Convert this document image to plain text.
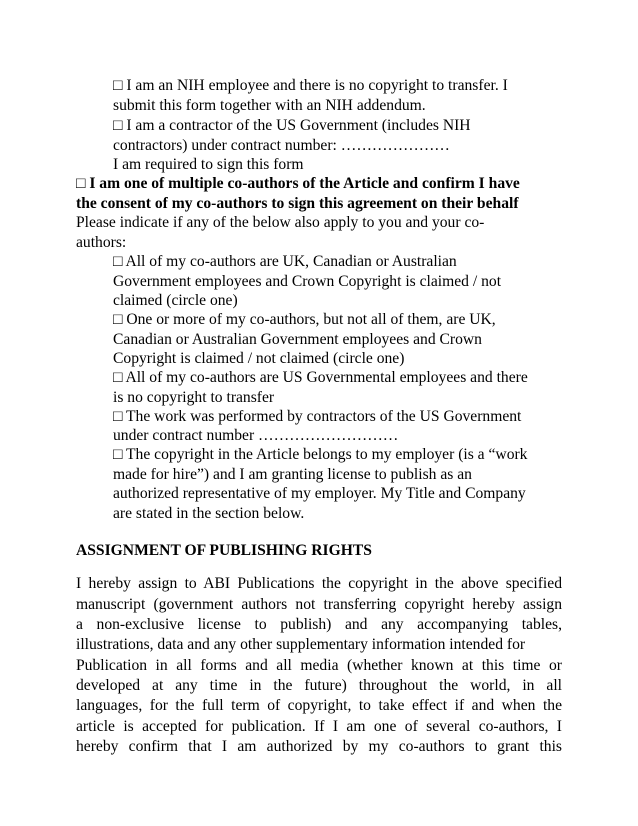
□ I am an NIH employee and there is no copyright to transfer. I
submit this form together with an NIH addendum.
□ I am a contractor of the US Government (includes NIH
contractors) under contract number: …………………
I am required to sign this form
□ I am one of multiple co-authors of the Article and confirm I have
the consent of my co-authors to sign this agreement on their behalf
Please indicate if any of the below also apply to you and your co-
authors:
□ All of my co-authors are UK, Canadian or Australian
Government employees and Crown Copyright is claimed / not
claimed (circle one)
□ One or more of my co-authors, but not all of them, are UK,
Canadian or Australian Government employees and Crown
Copyright is claimed / not claimed (circle one)
□ All of my co-authors are US Governmental employees and there
is no copyright to transfer
□ The work was performed by contractors of the US Government
under contract number ………………………
□ The copyright in the Article belongs to my employer (is a “work
made for hire”) and I am granting license to publish as an
authorized representative of my employer. My Title and Company
are stated in the section below.
ASSIGNMENT OF PUBLISHING RIGHTS
I hereby assign to ABI Publications the copyright in the above specified
manuscript (government authors not transferring copyright hereby assign
a non-exclusive license to publish) and any accompanying tables,
illustrations, data and any other supplementary information intended for
Publication in all forms and all media (whether known at this time or
developed at any time in the future) throughout the world, in all
languages, for the full term of copyright, to take effect if and when the
article is accepted for publication. If I am one of several co-authors, I
hereby confirm that I am authorized by my co-authors to grant this
